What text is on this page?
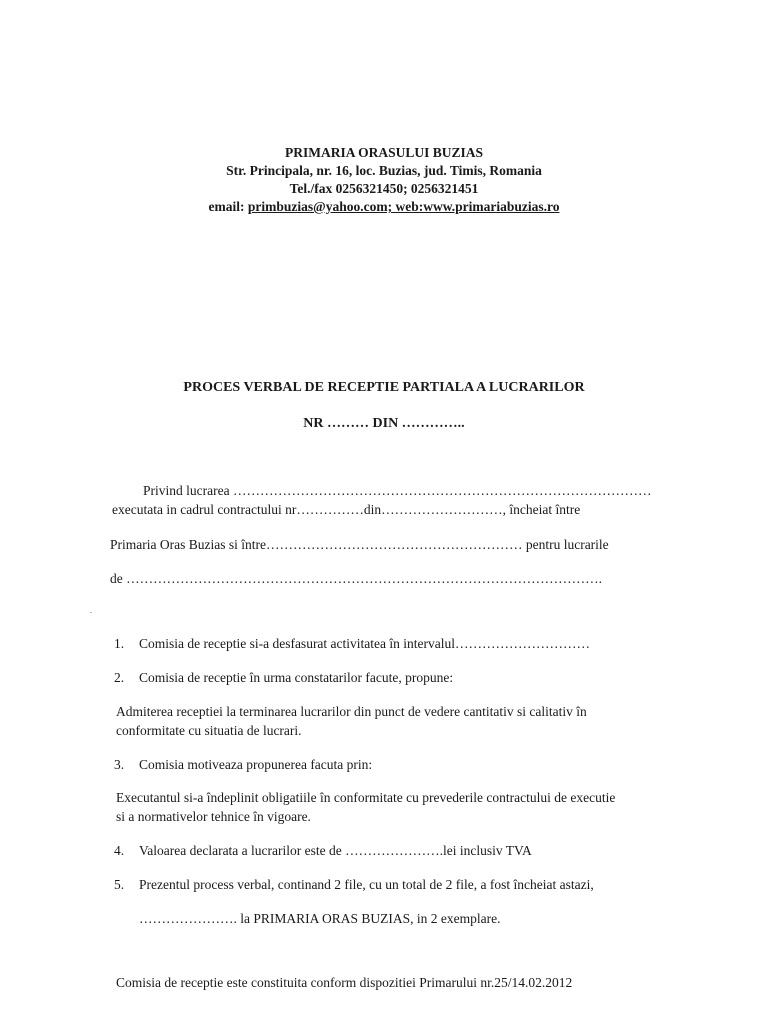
PRIMARIA ORASULUI BUZIAS
Str. Principala, nr. 16, loc. Buzias, jud. Timis, Romania
Tel./fax 0256321450; 0256321451
email: primbuzias@yahoo.com; web:www.primariabuzias.ro
PROCES VERBAL DE RECEPTIE PARTIALA A LUCRARILOR
NR ……… DIN …………..
Privind lucrarea …………………………………………………………………………………
executata in cadrul contractului nr……………din………………………, încheiat între
Primaria Oras Buzias si între………………………………………………… pentru lucrarile
de …………………………………………………………………………………………….
.
1. Comisia de receptie si-a desfasurat activitatea în intervalul…………………………
2. Comisia de receptie în urma constatarilor facute, propune:
Admiterea receptiei la terminarea lucrarilor din punct de vedere cantitativ si calitativ în
conformitate cu situatia de lucrari.
3. Comisia motiveaza propunerea facuta prin:
Executantul si-a îndeplinit obligatiile în conformitate cu prevederile contractului de executie
si a normativelor tehnice în vigoare.
4. Valoarea declarata a lucrarilor este de ………………….lei inclusiv TVA
5. Prezentul process verbal, continand 2 file, cu un total de 2 file, a fost încheiat astazi,
…………………. la PRIMARIA ORAS BUZIAS, in 2 exemplare.
Comisia de receptie este constituita conform dispozitiei Primarului nr.25/14.02.2012
